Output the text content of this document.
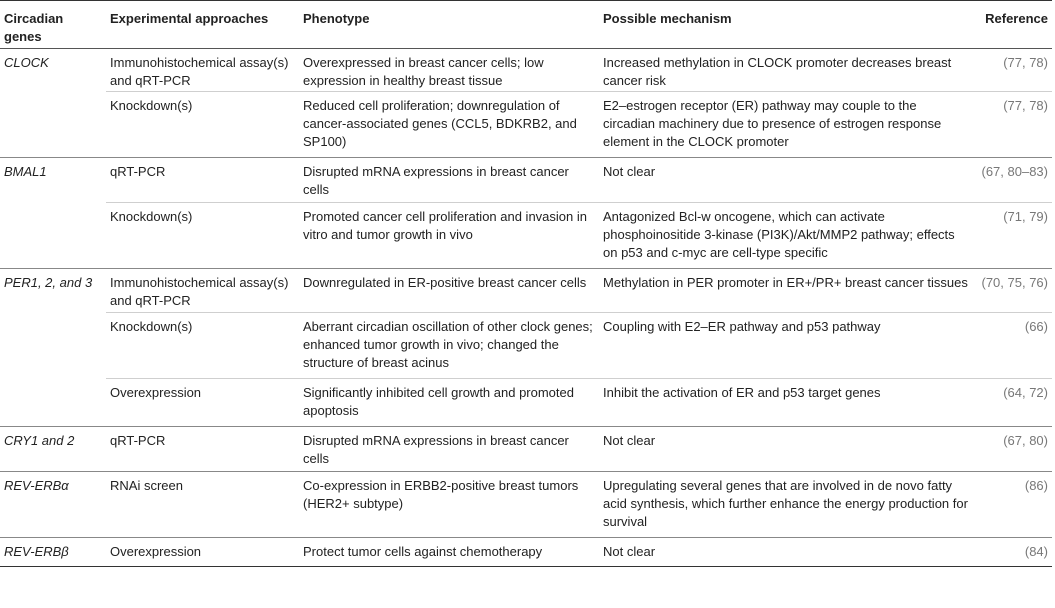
Circadian genes	Experimental approaches	Phenotype	Possible mechanism	Reference
CLOCK	Immunohistochemical assay(s) and qRT-PCR	Overexpressed in breast cancer cells; low expression in healthy breast tissue	Increased methylation in CLOCK promoter decreases breast cancer risk	(77, 78)
	Knockdown(s)	Reduced cell proliferation; downregulation of cancer-associated genes (CCL5, BDKRB2, and SP100)	E2–estrogen receptor (ER) pathway may couple to the circadian machinery due to presence of estrogen response element in the CLOCK promoter	(77, 78)
BMAL1	qRT-PCR	Disrupted mRNA expressions in breast cancer cells	Not clear	(67, 80–83)
	Knockdown(s)	Promoted cancer cell proliferation and invasion in vitro and tumor growth in vivo	Antagonized Bcl-w oncogene, which can activate phosphoinositide 3-kinase (PI3K)/Akt/MMP2 pathway; effects on p53 and c-myc are cell-type specific	(71, 79)
PER1, 2, and 3	Immunohistochemical assay(s) and qRT-PCR	Downregulated in ER-positive breast cancer cells	Methylation in PER promoter in ER+/PR+ breast cancer tissues	(70, 75, 76)
	Knockdown(s)	Aberrant circadian oscillation of other clock genes; enhanced tumor growth in vivo; changed the structure of breast acinus	Coupling with E2–ER pathway and p53 pathway	(66)
	Overexpression	Significantly inhibited cell growth and promoted apoptosis	Inhibit the activation of ER and p53 target genes	(64, 72)
CRY1 and 2	qRT-PCR	Disrupted mRNA expressions in breast cancer cells	Not clear	(67, 80)
REV-ERBα	RNAi screen	Co-expression in ERBB2-positive breast tumors (HER2+ subtype)	Upregulating several genes that are involved in de novo fatty acid synthesis, which further enhance the energy production for survival	(86)
REV-ERBβ	Overexpression	Protect tumor cells against chemotherapy	Not clear	(84)
